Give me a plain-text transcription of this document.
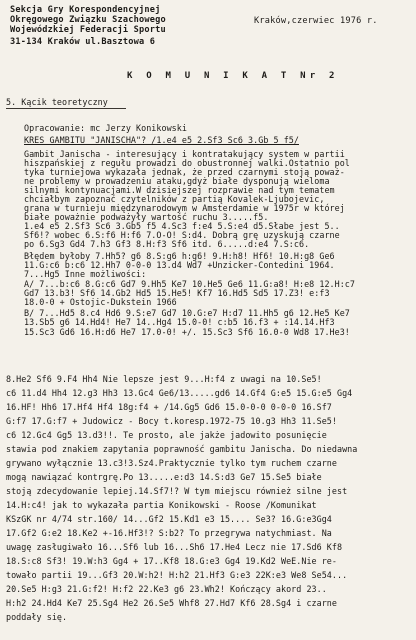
Sekcja Gry Korespondencyjnej
Okręgowego Związku Szachowego
Wojewódzkiej Federacji Sportu
31-134 Kraków ul.Basztowa 6
Kraków,czerwiec 1976 r.
K O M U N I K A T Nr 2
5. Kącik teoretyczny
Opracowanie: mc Jerzy Konikowski
KRES GAMBITU "JANISCHA"? /1.e4 e5 2.Sf3 Sc6 3.Gb 5 f5/
Gambit Janischa - interesujący i kontratakujący system w partii
hiszpańskiej z regułu prowadzi do obustronnej walki.Ostatnio pol
tyka turniejowa wykazała jednak, że przed czarnymi stoją poważ-
ne problemy w prowadzeniu ataku,gdyż białe dysponują wieloma
silnymi kontynuacjami.W dzisiejszej rozprawie nad tym tematem
chciałbym zapoznać czytelników z partią Kovalek-Ljubojevic,
grana w turnieju międzynarodowym w Amsterdamie w 1975r w której
białe poważnie podważyły wartość ruchu 3.....f5.
1.e4 e5 2.Sf3 Sc6 3.Gb5 f5 4.Sc3 f:e4 5.S:e4 d5.Słabe jest 5..
Sf6!? wobec 6.S:f6 H:f6 7.O-O! S:d4. Dobrą grę uzyskują czarne
po 6.Sg3 Gd4 7.h3 Gf3 8.H:f3 Sf6 itd. 6.....d:e4 7.S:c6.
Błędem byłoby 7.Hh5? g6 8.S:g6 h:g6! 9.H:h8! Hf6! 10.H:g8 Ge6
11.G:c6 b:c6 12.Hh7 0-0-0 13.d4 Wd7 +Unzicker-Contedini 1964.
7...Hg5 Inne możliwości:
A/ 7...b:c6 8.G:c6 Gd7 9.Hh5 Ke7 10.He5 Ge6 11.G:a8! H:e8 12.H:c7
Gd7 13.b3! Sf6 14.Gb2 Hd5 15.He5! Kf7 16.Hd5 Sd5 17.Z3! e:f3
18.0-0 + Ostojic-Dukstein 1966
B/ 7...Hd5 8.c4 Hd6 9.S:e7 Gd7 10.G:e7 H:d7 11.Hh5 g6 12.He5 Ke7
13.Sb5 g6 14.Hd4! He7 14..Hg4 15.0-0! c:b5 16.f3 + :14.14.Hf3
15.Sc3 Gd6 16.H:d6 He7 17.0-0! +/. 15.Sc3 Sf6 16.0-0 Wd8 17.He3!
8.He2 Sf6 9.F4 Hh4 Nie lepsze jest 9...H:f4 z uwagi na 10.Se5!
c6 11.d4 Hh4 12.g3 Hh3 13.Gc4 Ge6/13.....gd6 14.Gf4 G:e5 15.G:e5 Gg4
16.HF! Hh6 17.Hf4 Hf4 18g:f4 + /14.Gg5 Gd6 15.0-0-0 0-0-0 16.Sf7
G:f7 17.G:f7 + Judowicz - Bocy t.koresp.1972-75 10.g3 Hh3 11.Se5!
c6 12.Gc4 Gg5 13.d3!!. Te prosto, ale jakże jadowito posunięcie
stawia pod znakiem zapytania poprawność gambitu Janischa. Do niedawna
grywano wyłącznie 13.c3!3.Sz4.Praktycznie tylko tym ruchem czarne
mogą nawiązać kontrgrę.Po 13.....e:d3 14.S:d3 Ge7 15.Se5 białe
stoją zdecydowanie lepiej.14.Sf7!? W tym miejscu również silne jest
14.H:c4! jak to wykazała partia Konikowski - Roose /Komunikat
KSzGK nr 4/74 str.160/ 14...Gf2 15.Kd1 e3 15.... Se3? 16.G:e3Gg4
17.Gf2 G:e2 18.Ke2 +-16.Hf3!? S:b2? To przegrywa natychmiast. Na
uwagę zasługiwało 16...Sf6 lub 16...Sh6 17.He4 Lecz nie 17.Sd6 Kf8
18.S:c8 Sf3! 19.W:h3 Gg4 + 17..Kf8 18.G:e3 Gg4 19.Kd2 WeE.Nie re-
towało partii 19...Gf3 20.W:h2! H:h2 21.Hf3 G:e3 22K:e3 We8 Se54...
20.Se5 H:g3 21.G:f2! H:f2 22.Ke3 g6 23.Wh2! Kończący akord 23..
H:h2 24.Hd4 Ke7 25.Sg4 He2 26.Se5 Whf8 27.Hd7 Kf6 28.Sg4 i czarne
poddały się.
